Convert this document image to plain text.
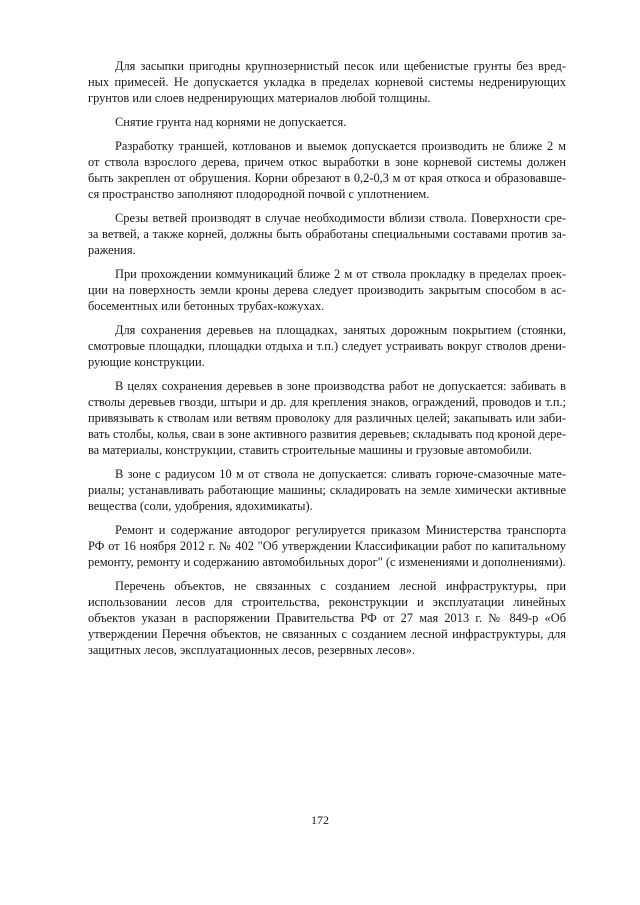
Для засыпки пригодны крупнозернистый песок или щебенистые грунты без вред-
ных примесей. Не допускается укладка в пределах корневой системы недренирующих
грунтов или слоев недренирующих материалов любой толщины.
Снятие грунта над корнями не допускается.
Разработку траншей, котлованов и выемок допускается производить не ближе 2 м
от ствола взрослого дерева, причем откос выработки в зоне корневой системы должен
быть закреплен от обрушения. Корни обрезают в 0,2-0,3 м от края откоса и образовавше-
ся пространство заполняют плодородной почвой с уплотнением.
Срезы ветвей производят в случае необходимости вблизи ствола. Поверхности сре-
за ветвей, а также корней, должны быть обработаны специальными составами против за-
ражения.
При прохождении коммуникаций ближе 2 м от ствола прокладку в пределах проек-
ции на поверхность земли кроны дерева следует производить закрытым способом в ас-
бocементных или бетонных трубах-кожухах.
Для сохранения деревьев на площадках, занятых дорожным покрытием (стоянки,
смотровые площадки, площадки отдыха и т.п.) следует устраивать вокруг стволов дрени-
рующие конструкции.
В целях сохранения деревьев в зоне производства работ не допускается: забивать в
стволы деревьев гвозди, штыри и др. для крепления знаков, ограждений, проводов и т.п.;
привязывать к стволам или ветвям проволоку для различных целей; закапывать или заби-
вать столбы, колья, сваи в зоне активного развития деревьев; складывать под кроной дере-
ва материалы, конструкции, ставить строительные машины и грузовые автомобили.
В зоне с радиусом 10 м от ствола не допускается: сливать горюче-смазочные мате-
риалы; устанавливать работающие машины; складировать на земле химически активные
вещества (соли, удобрения, ядохимикаты).
Ремонт и содержание автодорог регулируется приказом Министерства транспорта
РФ от 16 ноября 2012 г. № 402 "Об утверждении Классификации работ по капитальному
ремонту, ремонту и содержанию автомобильных дорог" (с изменениями и дополнениями).
Перечень объектов, не связанных с созданием лесной инфраструктуры, при
использовании лесов для строительства, реконструкции и эксплуатации линейных
объектов указан в распоряжении Правительства РФ от 27 мая 2013 г. № 849-р «Об
утверждении Перечня объектов, не связанных с созданием лесной инфраструктуры, для
защитных лесов, эксплуатационных лесов, резервных лесов».
172
